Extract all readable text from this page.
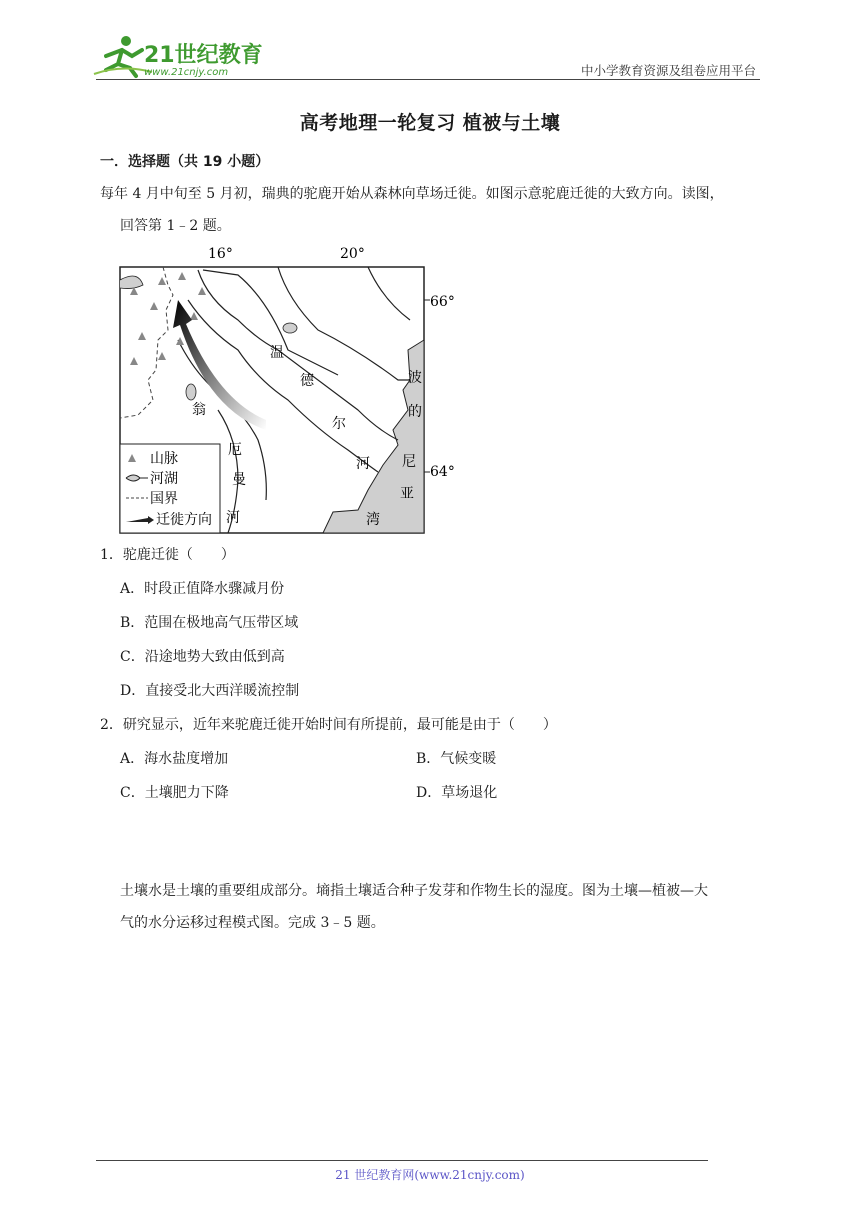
21世纪教育
www.21cnjy.com	中小学教育资源及组卷应用平台
高考地理一轮复习 植被与土壤
一．选择题（共 19 小题）
每年 4 月中旬至 5 月初，瑞典的驼鹿开始从森林向草场迁徙。如图示意驼鹿迁徙的大致方向。读图，
回答第 1﹣2 题。
16°	20°
66°
64°
温
德
尔
河
翁
厄
曼
河
波
的
尼
亚
湾
山脉
河湖
国界
迁徙方向
1．驼鹿迁徙（　　）
A．时段正值降水骤减月份
B．范围在极地高气压带区域
C．沿途地势大致由低到高
D．直接受北大西洋暖流控制
2．研究显示，近年来驼鹿迁徙开始时间有所提前，最可能是由于（　　）
A．海水盐度增加	B．气候变暖
C．土壤肥力下降	D．草场退化
土壤水是土壤的重要组成部分。墒指土壤适合种子发芽和作物生长的湿度。图为土壤—植被—大
气的水分运移过程模式图。完成 3﹣5 题。
21 世纪教育网(www.21cnjy.com)
